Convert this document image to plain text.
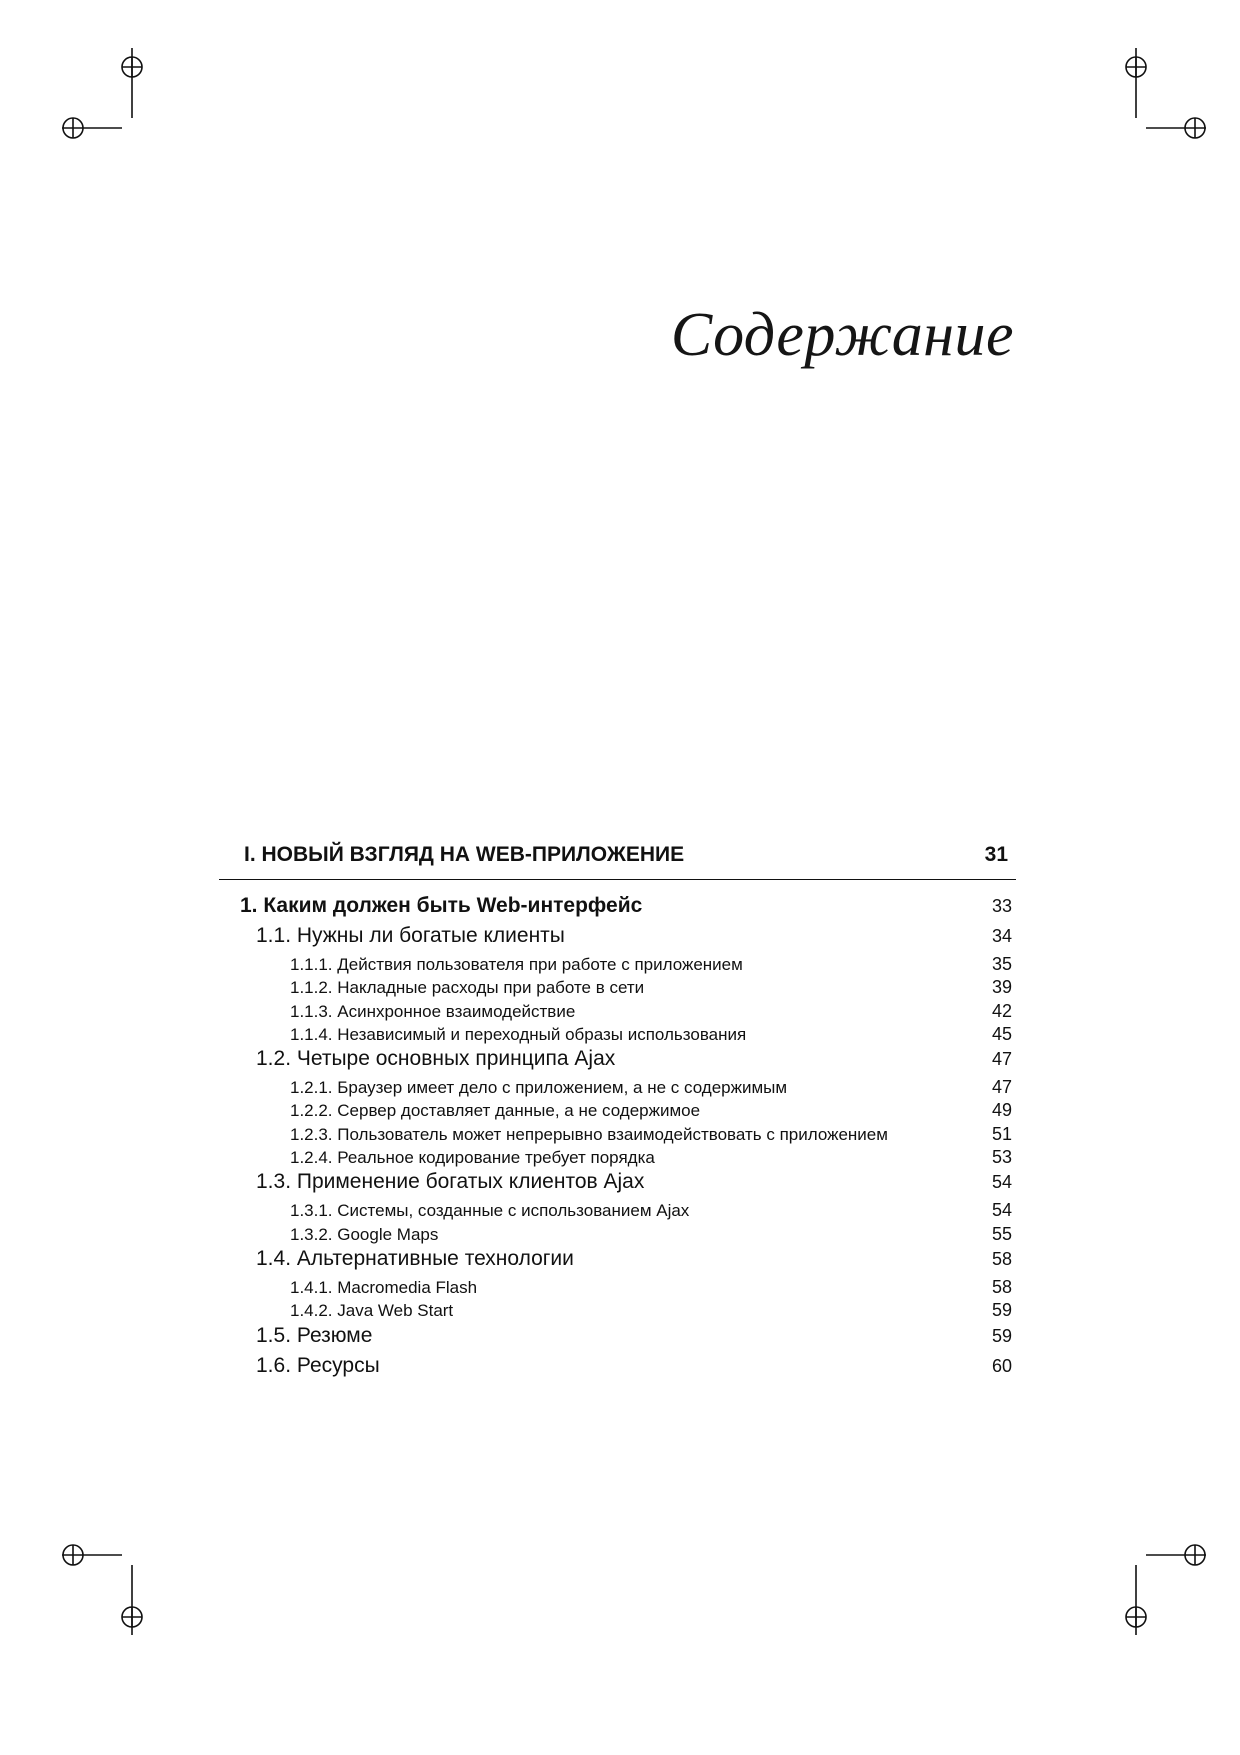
Содержание
I. НОВЫЙ ВЗГЛЯД НА WEB-ПРИЛОЖЕНИЕ	31
1. Каким должен быть Web-интерфейс	33
1.1. Нужны ли богатые клиенты	34
1.1.1. Действия пользователя при работе с приложением	35
1.1.2. Накладные расходы при работе в сети	39
1.1.3. Асинхронное взаимодействие	42
1.1.4. Независимый и переходный образы использования	45
1.2. Четыре основных принципа Ajax	47
1.2.1. Браузер имеет дело с приложением, а не с содержимым	47
1.2.2. Сервер доставляет данные, а не содержимое	49
1.2.3. Пользователь может непрерывно взаимодействовать с приложением	51
1.2.4. Реальное кодирование требует порядка	53
1.3. Применение богатых клиентов Ajax	54
1.3.1. Системы, созданные с использованием Ajax	54
1.3.2. Google Maps	55
1.4. Альтернативные технологии	58
1.4.1. Macromedia Flash	58
1.4.2. Java Web Start	59
1.5. Резюме	59
1.6. Ресурсы	60
